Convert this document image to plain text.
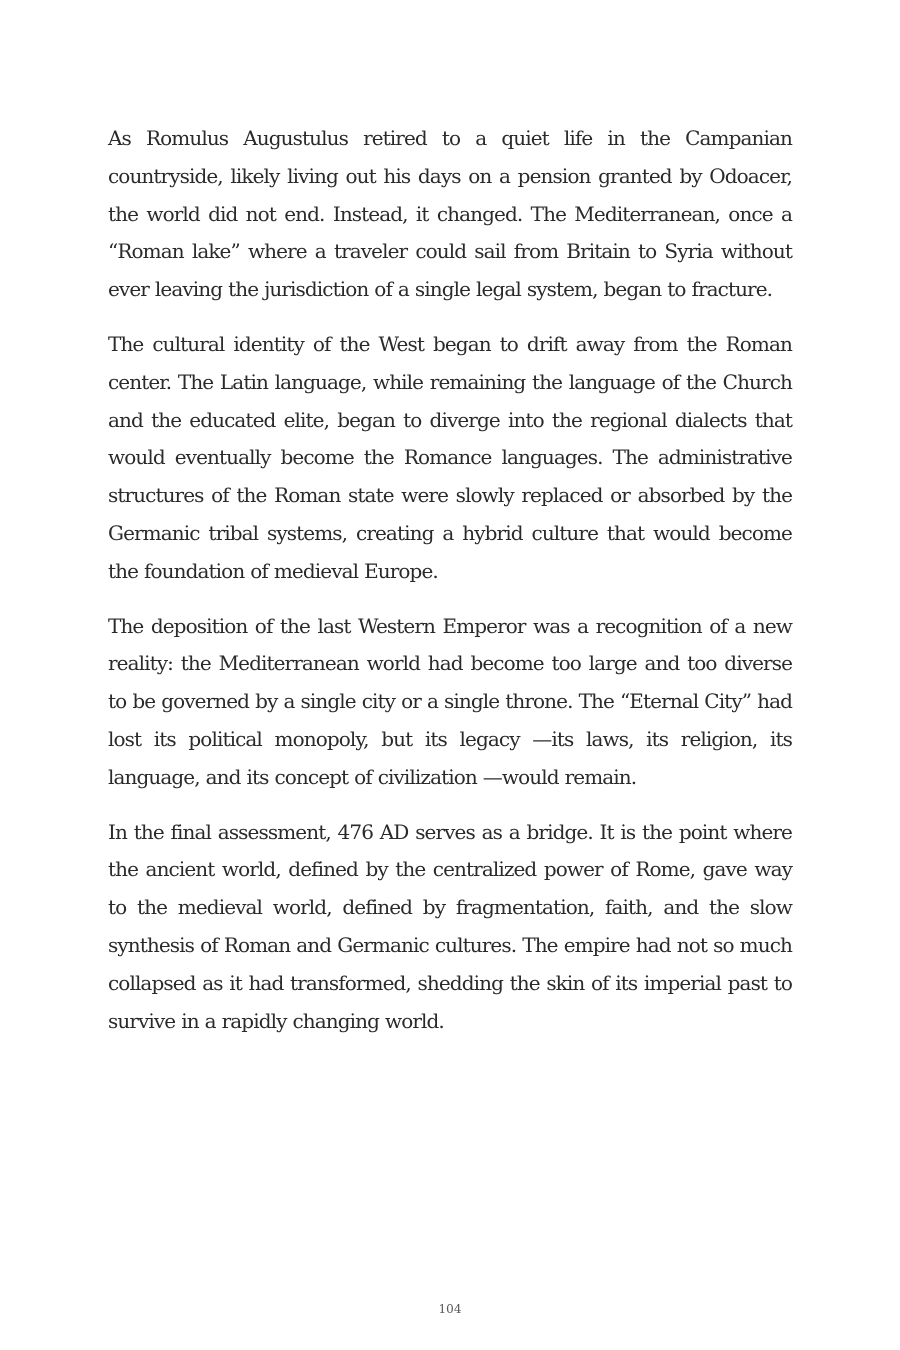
As Romulus Augustulus retired to a quiet life in the Campanian countryside, likely living out his days on a pension granted by Odoacer, the world did not end. Instead, it changed. The Mediterranean, once a “Roman lake” where a traveler could sail from Britain to Syria without ever leaving the jurisdiction of a single legal system, began to fracture.

The cultural identity of the West began to drift away from the Roman center. The Latin language, while remaining the language of the Church and the educated elite, began to diverge into the regional dialects that would eventually become the Romance languages. The administrative structures of the Roman state were slowly replaced or absorbed by the Germanic tribal systems, creating a hybrid culture that would become the foundation of medieval Europe.

The deposition of the last Western Emperor was a recognition of a new reality: the Mediterranean world had become too large and too diverse to be governed by a single city or a single throne. The “Eternal City” had lost its political monopoly, but its legacy —its laws, its religion, its language, and its concept of civilization —would remain.

In the final assessment, 476 AD serves as a bridge. It is the point where the ancient world, defined by the centralized power of Rome, gave way to the medieval world, defined by fragmentation, faith, and the slow synthesis of Roman and Germanic cultures. The empire had not so much collapsed as it had transformed, shedding the skin of its imperial past to survive in a rapidly changing world.

104
